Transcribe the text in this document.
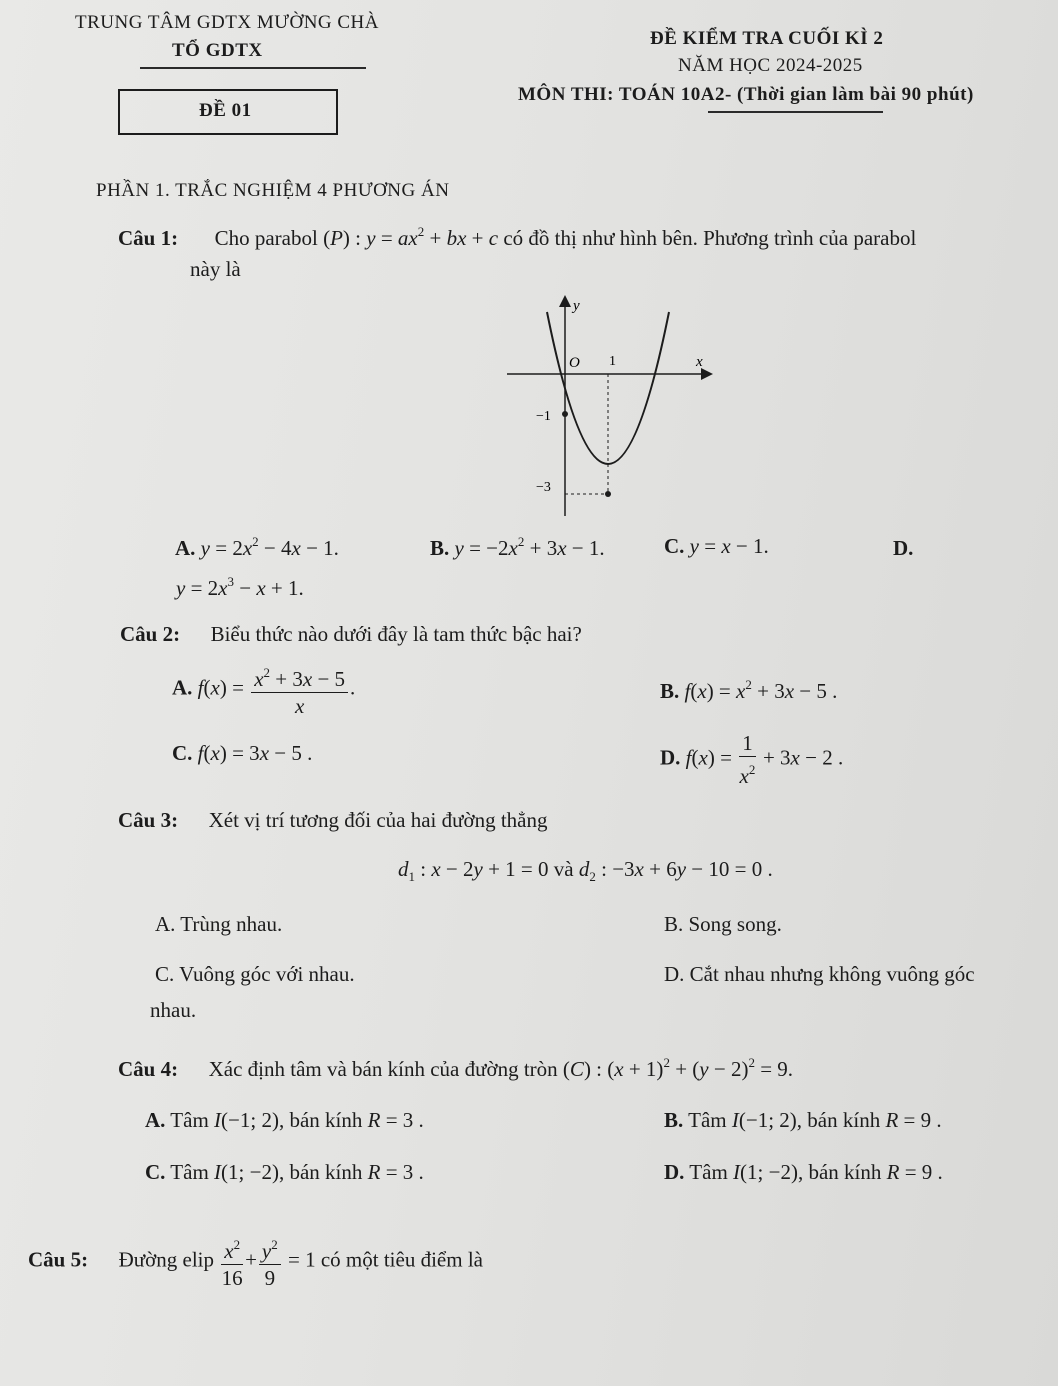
TRUNG TÂM GDTX MƯỜNG CHÀ
TỔ GDTX
ĐỀ 01
ĐỀ KIỂM TRA CUỐI KÌ 2
NĂM HỌC 2024-2025
MÔN THI: TOÁN 10A2- (Thời gian làm bài 90 phút)
PHẦN 1. TRẮC NGHIỆM 4 PHƯƠNG ÁN
Câu 1: Cho parabol (P) : $y = ax^2$ + bx + c có đồ thị như hình bên. Phương trình của parabol
này là
y
x
O 1
−1
−3
A. $y = 2x^2 - 4x - 1$.	B. $y = -2x^2 + 3x - 1$.	C. y = x − 1.	D.
$y = 2x^3 - x + 1$.
Câu 2: Biểu thức nào dưới đây là tam thức bậc hai?
A. $f(x) = \frac{x^2 + 3x - 5}{x}$ .	B. $f(x) = x^2 + 3x - 5$ .
C. f(x) = 3x − 5 .	D. $f(x) = \frac{1}{x^2} + 3x - 2$ .
Câu 3: Xét vị trí tương đối của hai đường thẳng
$d_1$ : x − 2y + 1 = 0 và $d_2$ : −3x + 6y − 10 = 0 .
A. Trùng nhau.	B. Song song.
C. Vuông góc với nhau.	D. Cắt nhau nhưng không vuông góc
nhau.
Câu 4: Xác định tâm và bán kính của đường tròn (C) : $(x + 1)^2 + (y - 2)^2 = 9$.
A. Tâm I(−1; 2), bán kính R = 3 .	B. Tâm I(−1; 2), bán kính R = 9 .
C. Tâm I(1; −2), bán kính R = 3 .	D. Tâm I(1; −2), bán kính R = 9 .
Câu 5: Đường elip $\frac{x^2}{16} + \frac{y^2}{9} = 1$ có một tiêu điểm là
